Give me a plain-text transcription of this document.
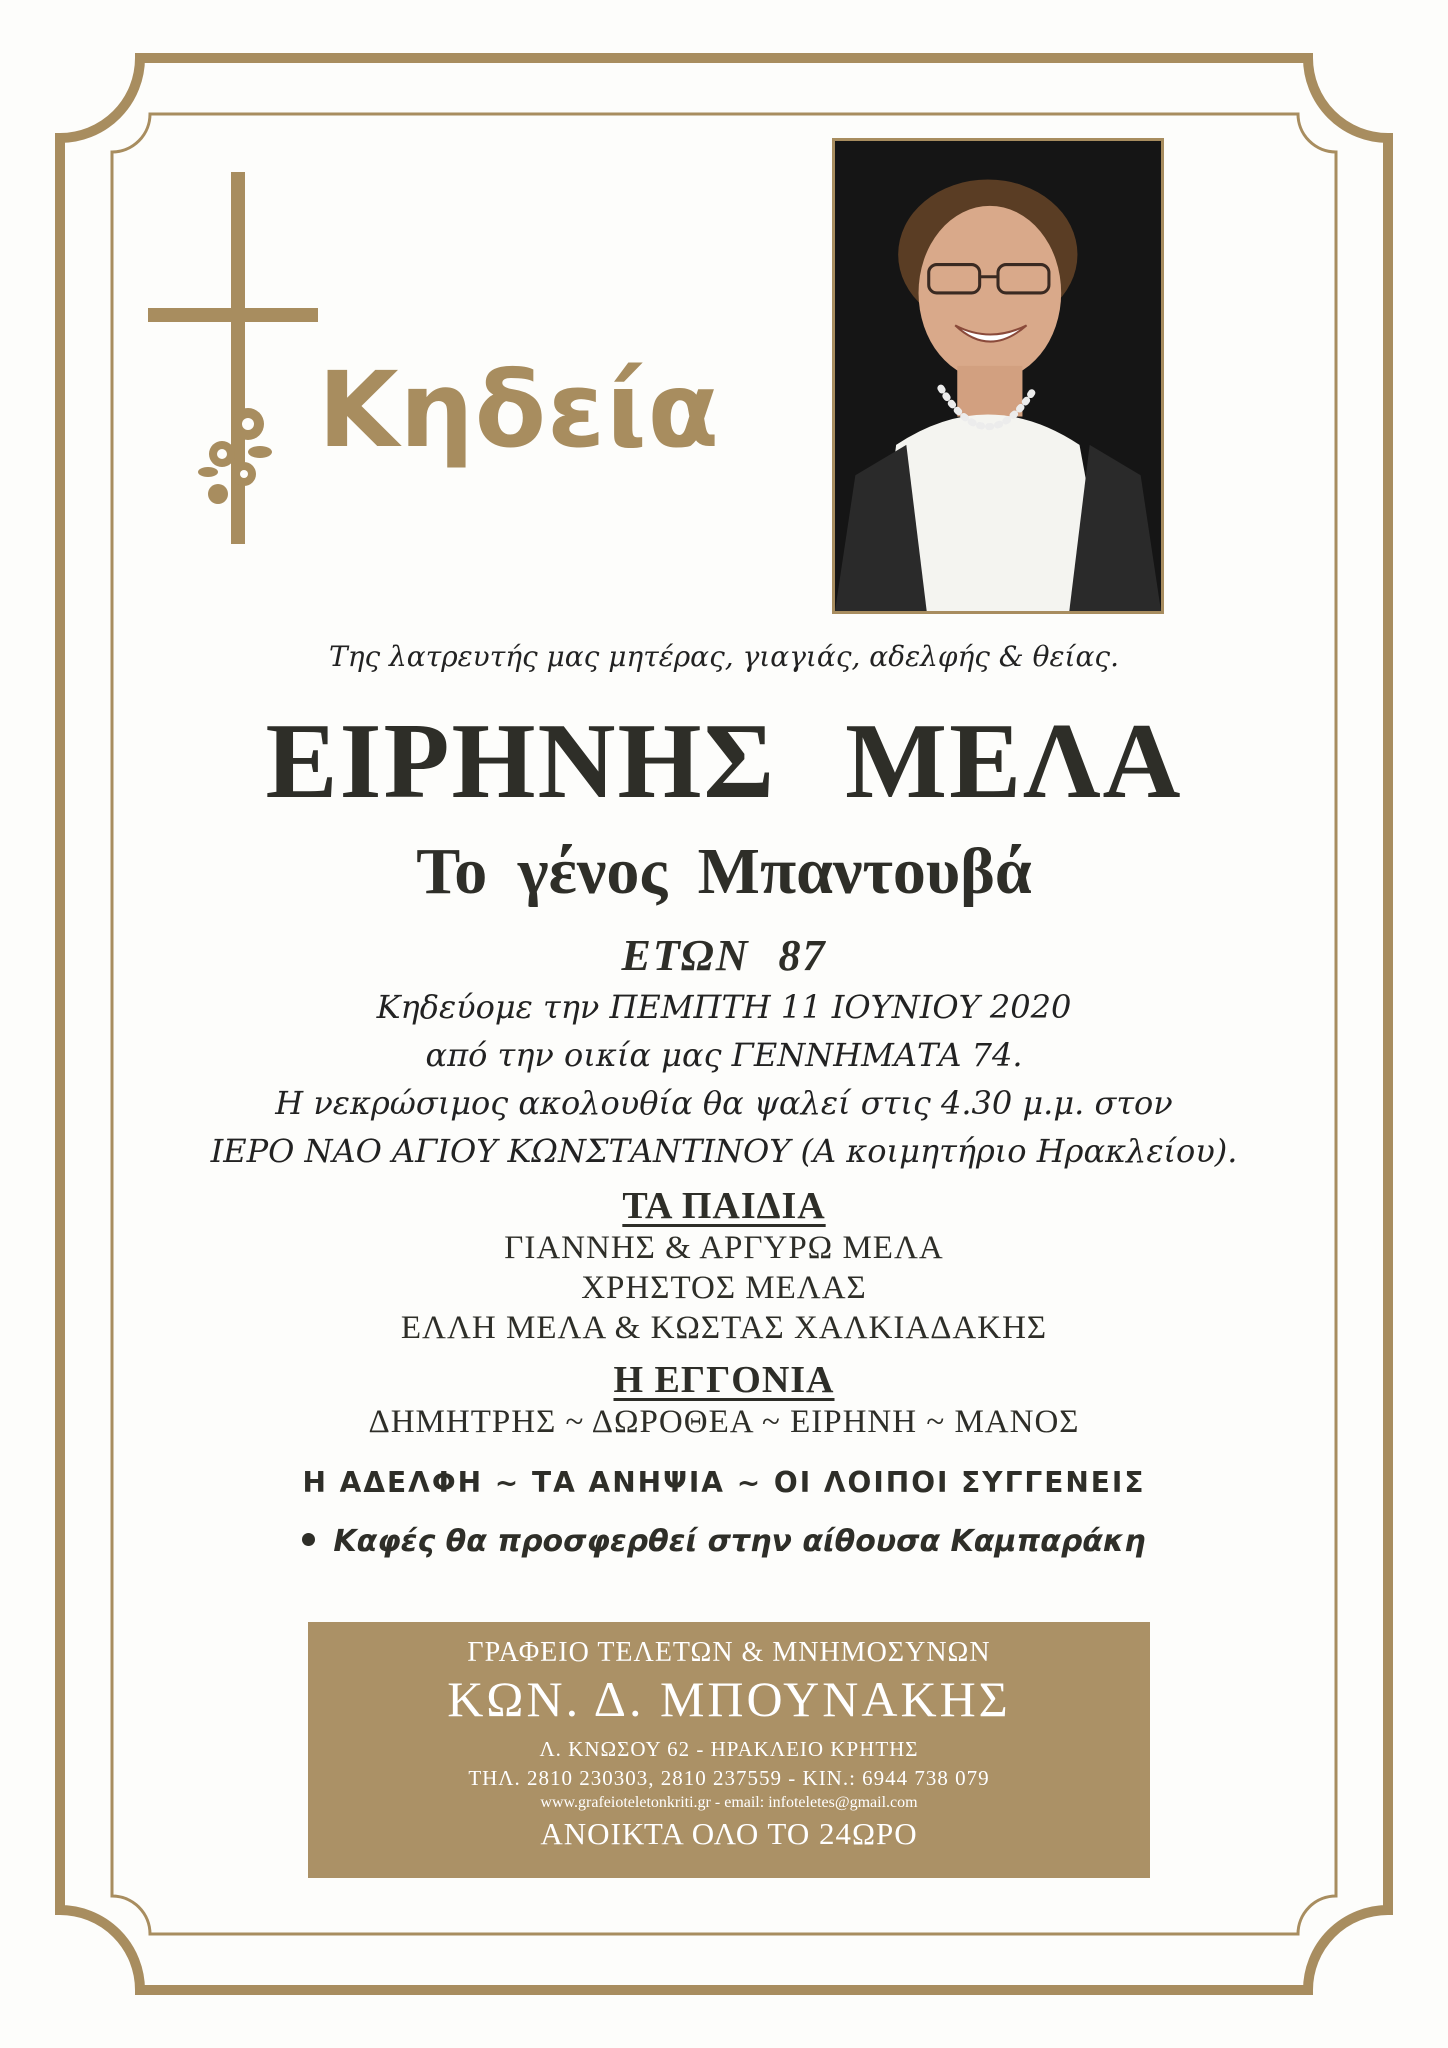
Κηδεία
Της λατρευτής μας μητέρας, γιαγιάς, αδελφής & θείας.
ΕΙΡΗΝΗΣ ΜΕΛΑ
Το γένος Μπαντουβά
ΕΤΩΝ 87
Κηδεύομε την ΠΕΜΠΤΗ 11 ΙΟΥΝΙΟΥ 2020
από την οικία μας ΓΕΝΝΗΜΑΤΑ 74.
Η νεκρώσιμος ακολουθία θα ψαλεί στις 4.30 μ.μ. στον
ΙΕΡΟ ΝΑΟ ΑΓΙΟΥ ΚΩΝΣΤΑΝΤΙΝΟΥ (Α κοιμητήριο Ηρακλείου).
ΤΑ ΠΑΙΔΙΑ
ΓΙΑΝΝΗΣ & ΑΡΓΥΡΩ ΜΕΛΑ
ΧΡΗΣΤΟΣ ΜΕΛΑΣ
ΕΛΛΗ ΜΕΛΑ & ΚΩΣΤΑΣ ΧΑΛΚΙΑΔΑΚΗΣ
Η ΕΓΓΟΝΙΑ
ΔΗΜΗΤΡΗΣ ~ ΔΩΡΟΘΕΑ ~ ΕΙΡΗΝΗ ~ ΜΑΝΟΣ
Η ΑΔΕΛΦΗ ~ ΤΑ ΑΝΗΨΙΑ ~ ΟΙ ΛΟΙΠΟΙ ΣΥΓΓΕΝΕΙΣ
Καφές θα προσφερθεί στην αίθουσα Καμπαράκη
ΓΡΑΦΕΙΟ ΤΕΛΕΤΩΝ & ΜΝΗΜΟΣΥΝΩΝ
ΚΩΝ. Δ. ΜΠΟΥΝΑΚΗΣ
Λ. ΚΝΩΣΟΥ 62 - ΗΡΑΚΛΕΙΟ ΚΡΗΤΗΣ
ΤΗΛ. 2810 230303, 2810 237559 - ΚΙΝ.: 6944 738 079
www.grafeioteletonkriti.gr - email: infoteletes@gmail.com
ΑΝΟΙΚΤΑ ΟΛΟ ΤΟ 24ΩΡΟ
